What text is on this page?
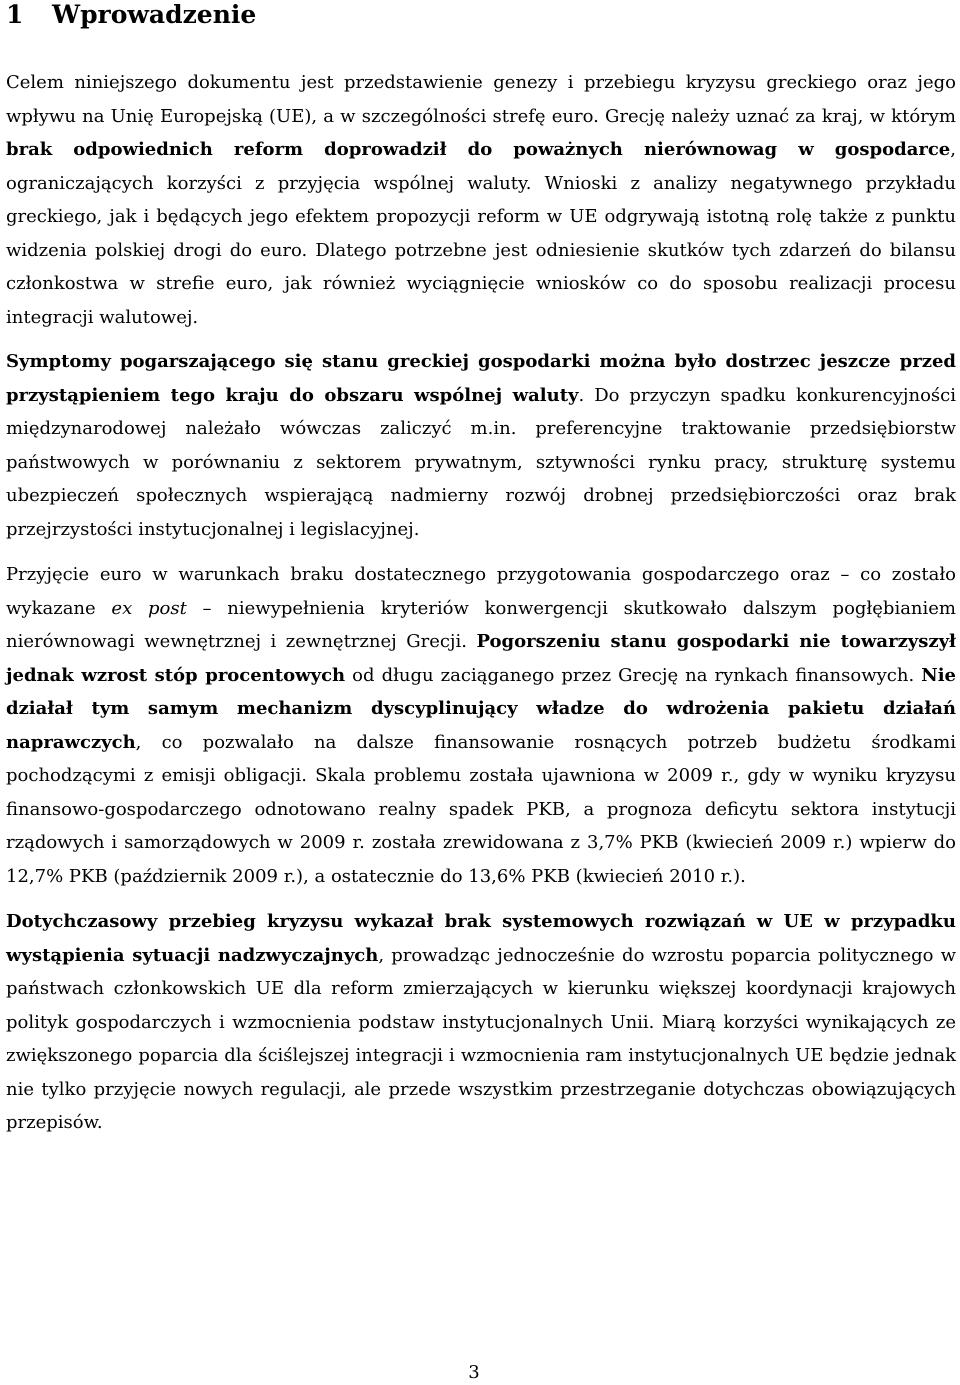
1 Wprowadzenie

Celem niniejszego dokumentu jest przedstawienie genezy i przebiegu kryzysu greckiego oraz jego wpływu na Unię Europejską (UE), a w szczególności strefę euro. Grecję należy uznać za kraj, w którym brak odpowiednich reform doprowadził do poważnych nierównowag w gospodarce, ograniczających korzyści z przyjęcia wspólnej waluty. Wnioski z analizy negatywnego przykładu greckiego, jak i będących jego efektem propozycji reform w UE odgrywają istotną rolę także z punktu widzenia polskiej drogi do euro. Dlatego potrzebne jest odniesienie skutków tych zdarzeń do bilansu członkostwa w strefie euro, jak również wyciągnięcie wniosków co do sposobu realizacji procesu integracji walutowej.

Symptomy pogarszającego się stanu greckiej gospodarki można było dostrzec jeszcze przed przystąpieniem tego kraju do obszaru wspólnej waluty. Do przyczyn spadku konkurencyjności międzynarodowej należało wówczas zaliczyć m.in. preferencyjne traktowanie przedsiębiorstw państwowych w porównaniu z sektorem prywatnym, sztywności rynku pracy, strukturę systemu ubezpieczeń społecznych wspierającą nadmierny rozwój drobnej przedsiębiorczości oraz brak przejrzystości instytucjonalnej i legislacyjnej.

Przyjęcie euro w warunkach braku dostatecznego przygotowania gospodarczego oraz – co zostało wykazane ex post – niewypełnienia kryteriów konwergencji skutkowało dalszym pogłębianiem nierównowagi wewnętrznej i zewnętrznej Grecji. Pogorszeniu stanu gospodarki nie towarzyszył jednak wzrost stóp procentowych od długu zaciąganego przez Grecję na rynkach finansowych. Nie działał tym samym mechanizm dyscyplinujący władze do wdrożenia pakietu działań naprawczych, co pozwalało na dalsze finansowanie rosnących potrzeb budżetu środkami pochodzącymi z emisji obligacji. Skala problemu została ujawniona w 2009 r., gdy w wyniku kryzysu finansowo-gospodarczego odnotowano realny spadek PKB, a prognoza deficytu sektora instytucji rządowych i samorządowych w 2009 r. została zrewidowana z 3,7% PKB (kwiecień 2009 r.) wpierw do 12,7% PKB (październik 2009 r.), a ostatecznie do 13,6% PKB (kwiecień 2010 r.).

Dotychczasowy przebieg kryzysu wykazał brak systemowych rozwiązań w UE w przypadku wystąpienia sytuacji nadzwyczajnych, prowadząc jednocześnie do wzrostu poparcia politycznego w państwach członkowskich UE dla reform zmierzających w kierunku większej koordynacji krajowych polityk gospodarczych i wzmocnienia podstaw instytucjonalnych Unii. Miarą korzyści wynikających ze zwiększonego poparcia dla ściślejszej integracji i wzmocnienia ram instytucjonalnych UE będzie jednak nie tylko przyjęcie nowych regulacji, ale przede wszystkim przestrzeganie dotychczas obowiązujących przepisów.

3
